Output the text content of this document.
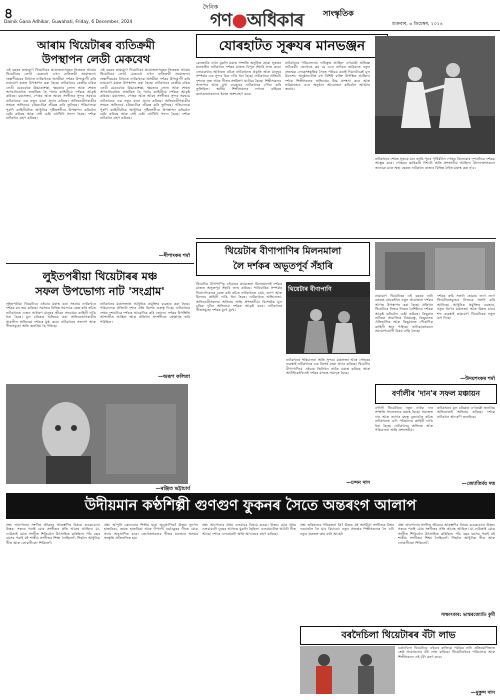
৪
Dainik Gana Adhikar, Guwahati, Friday, 6 December, 2024
দৈনিক
গণ●অধিকাৰ সাংস্কৃতিক
শুক্ৰবাৰ, ৬ ডিচেম্বৰ, ২০২৪
আৰাম থিয়েটাৰৰ ব্যতিক্ৰমী
উপস্থাপন লেডী মেকবেথ
এই বছৰৰ ভ্ৰাম্যমাণ থিয়েটাৰৰ প্ৰযোজনাসমূহৰ ভিতৰত আৰাম থিয়েটাৰৰ লেডী মেকবেথ এখন ব্যতিক্ৰমী প্ৰযোজনা। শ্বেক্সপীয়েৰৰ বিখ্যাত নাটকখনক অসমীয়া দৰ্শকৰ উপযোগী কৰি ভ্ৰাম্যমাণ মঞ্চত উপস্থাপন কৰা হৈছে। নাটকখনৰ কেন্দ্ৰীয় চৰিত্ৰ লেডী মেকবেথৰ উচ্চাকাংক্ষা, ক্ষমতাৰ লোভ আৰু শেষত অপৰাধবোধত জৰ্জৰিত হৈ পৰাৰ কাহিনীয়ে দৰ্শকক আকৃষ্ট কৰিছে। মঞ্চসজ্জা, পোহৰ আৰু আবহ সংগীতৰ সুন্দৰ সমন্বয়ে নাটকখনক এক নতুন মাত্ৰা প্ৰদান কৰিছে। অভিনেত্ৰীগৰাকীৰ সংযত অভিনয়ে চৰিত্ৰটোক জীৱন্ত কৰি তুলিছে। পৰিচালকে পুৰণি কাহিনীটোক আধুনিক দৃষ্টিভংগীৰে উপস্থাপন কৰিবলৈ চেষ্টা কৰিছে আৰু সেই চেষ্টা বহুখিনি সফল হৈছে। দৰ্শকে নাটকখন গ্ৰহণ কৰিছে।
এই বছৰৰ ভ্ৰাম্যমাণ থিয়েটাৰৰ প্ৰযোজনাসমূহৰ ভিতৰত আৰাম থিয়েটাৰৰ লেডী মেকবেথ এখন ব্যতিক্ৰমী প্ৰযোজনা। শ্বেক্সপীয়েৰৰ বিখ্যাত নাটকখনক অসমীয়া দৰ্শকৰ উপযোগী কৰি ভ্ৰাম্যমাণ মঞ্চত উপস্থাপন কৰা হৈছে। নাটকখনৰ কেন্দ্ৰীয় চৰিত্ৰ লেডী মেকবেথৰ উচ্চাকাংক্ষা, ক্ষমতাৰ লোভ আৰু শেষত অপৰাধবোধত জৰ্জৰিত হৈ পৰাৰ কাহিনীয়ে দৰ্শকক আকৃষ্ট কৰিছে। মঞ্চসজ্জা, পোহৰ আৰু আবহ সংগীতৰ সুন্দৰ সমন্বয়ে নাটকখনক এক নতুন মাত্ৰা প্ৰদান কৰিছে। অভিনেত্ৰীগৰাকীৰ সংযত অভিনয়ে চৰিত্ৰটোক জীৱন্ত কৰি তুলিছে। পৰিচালকে পুৰণি কাহিনীটোক আধুনিক দৃষ্টিভংগীৰে উপস্থাপন কৰিবলৈ চেষ্টা কৰিছে আৰু সেই চেষ্টা বহুখিনি সফল হৈছে। দৰ্শকে নাটকখন গ্ৰহণ কৰিছে।
—দীপাংকৰ শৰ্মা
যোৰহাটত সূৰুযৰ মানভঞ্জন
যোৰহাটৰ এখন মুকলি মঞ্চত সম্প্ৰতি অনুষ্ঠিত হোৱা সূৰুযৰ মানভঞ্জন নাটকখনে দৰ্শকৰ মাজত বিপুল সঁহাৰি লাভ কৰে। লোককথাৰ আধাৰত ৰচিত নাটকখনত প্ৰকৃতি আৰু মানুহৰ সম্পৰ্কৰ এক সুন্দৰ চিত্ৰ দাঙি ধৰা হৈছে। নাটকখনৰ প্ৰতিটো দৃশ্যতে নৃত্য আৰু গীতৰ সংমিশ্ৰণ ঘটোৱা হৈছে। শিল্পীসকলৰ সাজপাৰ আৰু মুখা ব্যৱহাৰে নাটকখনক বৰ্ণাঢ্য কৰি তুলিছিল। স্থানীয় শিল্পীসকলৰ লগতে বাহিৰৰ কলাকাৰসকলেও ইয়াত অংশগ্ৰহণ কৰে।
নাটকখনৰ পৰিচালনাৰ দায়িত্বত আছিল এগৰাকী অভিজ্ঞ নাট্যকৰ্মী। তেখেতে কয় যে এনে নাটকৰ জৰিয়তে নতুন প্ৰজন্মক লোকসংস্কৃতিৰ সৈতে পৰিচয় কৰাই দিয়াটোৱেই মূল উদ্দেশ্য। অনুষ্ঠানটোত বহু বিশিষ্ট ব্যক্তি উপস্থিত আছিল। দৰ্শকে শিল্পীসকলৰ অভিনয়ৰ উচ্চ প্ৰশংসা কৰে আৰু ভৱিষ্যতেও এনে অনুষ্ঠান আয়োজন কৰিবলৈ আহ্বান জনায়।
নাটকখনৰ শেষত সূৰুযে মান ভাঙি পুনৰ পৃথিৱীলৈ পোহৰ বিলোৱাৰ দৃশ্যটোৱে দৰ্শকক আপ্লুত কৰে। পোহৰৰ কাৰিকৰী দিশটো অতি প্ৰশংসনীয় আছিল। উদ্যোক্তাসকলে জনোৱা মতে অহা বছৰত নাটকখন ৰাজ্যৰ বিভিন্ন ঠাইত মঞ্চস্থ কৰা হ'ব।
লুইতপৰীয়া থিয়েটাৰৰ মঞ্চ
সফল উপভোগ্য নাট 'সংগ্ৰাম'
লুইতপৰীয়া থিয়েটাৰে এইবাৰ মঞ্চস্থ কৰা সংগ্ৰাম নাটকখনে দৰ্শকৰ মন জয় কৰিছে। সমাজৰ বিভিন্ন সমস্যাক কেন্দ্ৰ কৰি ৰচিত নাটকখনত এজন সাধাৰণ মানুহৰ জীৱন সংগ্ৰামৰ কাহিনী দাঙি ধৰা হৈছে। মূল চৰিত্ৰত অভিনয় কৰা অভিনেতাগৰাকীৰ সাৱলীল অভিনয়ে দৰ্শকক মুগ্ধ কৰে। নাটকখনৰ সংলাপ আৰু গীতসমূহো অতি জনপ্ৰিয় হৈ পৰিছে।
নাটকখনৰ মঞ্চসজ্জাত আধুনিক প্ৰযুক্তিৰ ব্যৱহাৰ কৰা হৈছে। পৰিচালকে প্ৰতিটো দৃশ্যৰ প্ৰতি বিশেষ গুৰুত্ব দিছে। নাটকখনৰ শেষৰ দৃশ্যটোৱে দৰ্শকক আৱেগিক কৰি তোলে। দৰ্শকৰ উপস্থিতি আশাতীত আছিল আৰু প্ৰতিখন প্ৰদৰ্শনীতে প্ৰেক্ষাগৃহ ভৰি পৰিছিল।
—অৰূপ কলিতা
—ৰঞ্জিত ভট্টাচাৰ্য
থিয়েটাৰ বীণাপাণিৰ মিলনমালা
লৈ দৰ্শকৰ অভূতপূৰ্ব সঁহাৰি
থিয়েটাৰ বীণাপাণিৰ এইবাৰৰ প্ৰযোজনা মিলনমালাই দৰ্শকৰ মাজত অভূতপূৰ্ব সঁহাৰি লাভ কৰিছে। পাৰিবাৰিক সম্পৰ্কৰ টানাপোৰেনক কেন্দ্ৰ কৰি ৰচিত নাটকখনত প্ৰেম, ত্যাগ আৰু মিলনৰ কাহিনী দাঙি ধৰা হৈছে। নাটকখনৰ অভিনেতা-অভিনেত্ৰীসকলৰ অভিনয় অতি প্ৰশংসনীয়। বিশেষকৈ মূল চৰিত্ৰ দুটাৰ অভিনয়ে দৰ্শকক আকৃষ্ট কৰে। নাটকখনৰ গীতসমূহো দৰ্শকৰ মুখে মুখে।
থিয়েটাৰ বীণাপাণি
নাটকখনৰ পৰিচালনা অতি সুন্দৰ। মঞ্চসজ্জা আৰু পোহৰৰ ব্যৱস্থাই নাটকখনক এক বিশেষ মাত্ৰা প্ৰদান কৰিছে। থিয়েটাৰ বীণাপাণিয়ে এইবাৰ তিনিখন নাটক মঞ্চস্থ কৰিছে আৰু আটাইকেইখনেই দৰ্শকৰ মাজত সমাদৃত হৈছে।
—চন্দন দাস
ভ্ৰাম্যমাণ থিয়েটাৰৰ এই বছৰৰ নাট্য বতৰত বহুকেইখন নতুন প্ৰযোজনা দৰ্শকৰ আগত উপস্থাপন কৰা হৈছে। প্ৰতিখন থিয়েটাৰে নিজৰ নিজৰ বৈশিষ্ট্যৰে দৰ্শকক আকৃষ্ট কৰিবলৈ চেষ্টা কৰিছে। কিছুমান নাটকত সামাজিক বিষয়বস্তু, কিছুমানত ঐতিহাসিক আৰু কিছুমানত পৌৰাণিক কাহিনী স্থান পাইছে। নাট্যকাৰসকলে সময়োপযোগী বিষয় বাছি লৈছে।
দৰ্শকৰ ৰুচি সলনি হোৱাৰ লগে লগে থিয়েটাৰসমূহেও নিজকে সলনি কৰি আনিছে। আধুনিক প্ৰযুক্তিৰ ব্যৱহাৰ, নতুন ধৰণৰ মঞ্চসজ্জা আৰু উন্নত মানৰ শব্দ ব্যৱস্থাই ভ্ৰাম্যমাণ থিয়েটাৰক নতুন ৰূপ দিছে।
—উদয়শংকৰ শৰ্মা
বৰ্ণালীৰ 'দান'ৰ সফল মঞ্চায়ন
বৰ্ণালী থিয়েটাৰৰ নতুন নাটক দান সম্প্ৰতি সফলতাৰে মঞ্চস্থ হৈছে। সমাজত দান আৰু ত্যাগৰ মহত্ব বুজাবলৈ ৰচিত নাটকখনত এটা পৰিয়ালৰ কাহিনী দাঙি ধৰা হৈছে। নাটকখনৰ অভিনয় আৰু পৰিচালনা অতি প্ৰশংসনীয়।
নাটকখনৰ মূল চৰিত্ৰত এগৰাকী জনপ্ৰিয় অভিনেতাই অভিনয় কৰিছে। দৰ্শকে নাটকখন আদৰণি জনাইছে।
—জ্যোতিৰ্ময় দত্ত
উদীয়মান কণ্ঠশিল্পী গুণগুণ ফুকনৰ সৈতে অন্তৰংগ আলাপ
প্ৰশ্ন: আপোনাৰ সংগীত জীৱনৰ আৰম্ভণিৰ বিষয়ে কওকচোন। উত্তৰ: সৰুৰে পৰাই মোৰ সংগীতৰ প্ৰতি আগ্ৰহ আছিল। মা-দেউতাই মোক সংগীত শিকিবলৈ উৎসাহিত কৰিছিল। পাঁচ বছৰ বয়সৰ পৰাই মই শাস্ত্ৰীয় সংগীতৰ শিক্ষা লৈছিলোঁ। পিছলৈ আধুনিক গীত আৰু লোকগীতো শিকিলোঁ।
প্ৰশ্ন: আপুনি কোনবোৰ শিল্পীৰ দ্বাৰা অনুপ্ৰাণিত? উত্তৰ: ভূপেন হাজৰিকা, জয়ন্ত হাজৰিকা আৰু দীপালী বৰঠাকুৰৰ গীতে মোক সদায় অনুপ্ৰাণিত কৰে। তেখেতসকলৰ গীতৰ মাজেৰে অসমৰ সংস্কৃতি প্ৰতিফলিত হয়।
প্ৰশ্ন: আপোনাৰ প্ৰথম এলবামৰ বিষয়ে কওক। উত্তৰ: মোৰ প্ৰথম এলবামটো দুবছৰ আগতে মুকলি হৈছিল। এলবামটোত আঠটা গীত আছে। দৰ্শকে এলবামটো অতি আদৰেৰে গ্ৰহণ কৰিছে।
প্ৰশ্ন: ভৱিষ্যতৰ পৰিকল্পনা কি? উত্তৰ: মই অসমীয়া সংগীতক বিশ্বৰ দৰবাৰলৈ লৈ যাব বিচাৰো। নতুন প্ৰজন্মৰ শিল্পীসকলক লৈ এটা নতুন প্ৰকল্পত কাম কৰি আছোঁ।
প্ৰশ্ন: আপোনাৰ সংগীত জীৱনৰ আৰম্ভণিৰ বিষয়ে কওকচোন। উত্তৰ: সৰুৰে পৰাই মোৰ সংগীতৰ প্ৰতি আগ্ৰহ আছিল। মা-দেউতাই মোক সংগীত শিকিবলৈ উৎসাহিত কৰিছিল। পাঁচ বছৰ বয়সৰ পৰাই মই শাস্ত্ৰীয় সংগীতৰ শিক্ষা লৈছিলোঁ। পিছলৈ আধুনিক গীত আৰু লোকগীতো শিকিলোঁ।
সাক্ষাৎকাৰ: ভাস্কৰজ্যোতি কুৰ্মী
বৰদৈচিলা থিয়েটাৰৰ বঁটা লাভ
বৰদৈচিলা থিয়েটাৰে এইবাৰ ৰাজ্যিক পৰ্যায়ৰ নাট্য প্ৰতিযোগিতাত শ্ৰেষ্ঠ প্ৰযোজনাৰ বঁটা লাভ কৰিছে। থিয়েটাৰখনৰ পৰিচালক আৰু শিল্পীসকলে এই বঁটা গ্ৰহণ কৰে।
—মুকুন্দ দাস
